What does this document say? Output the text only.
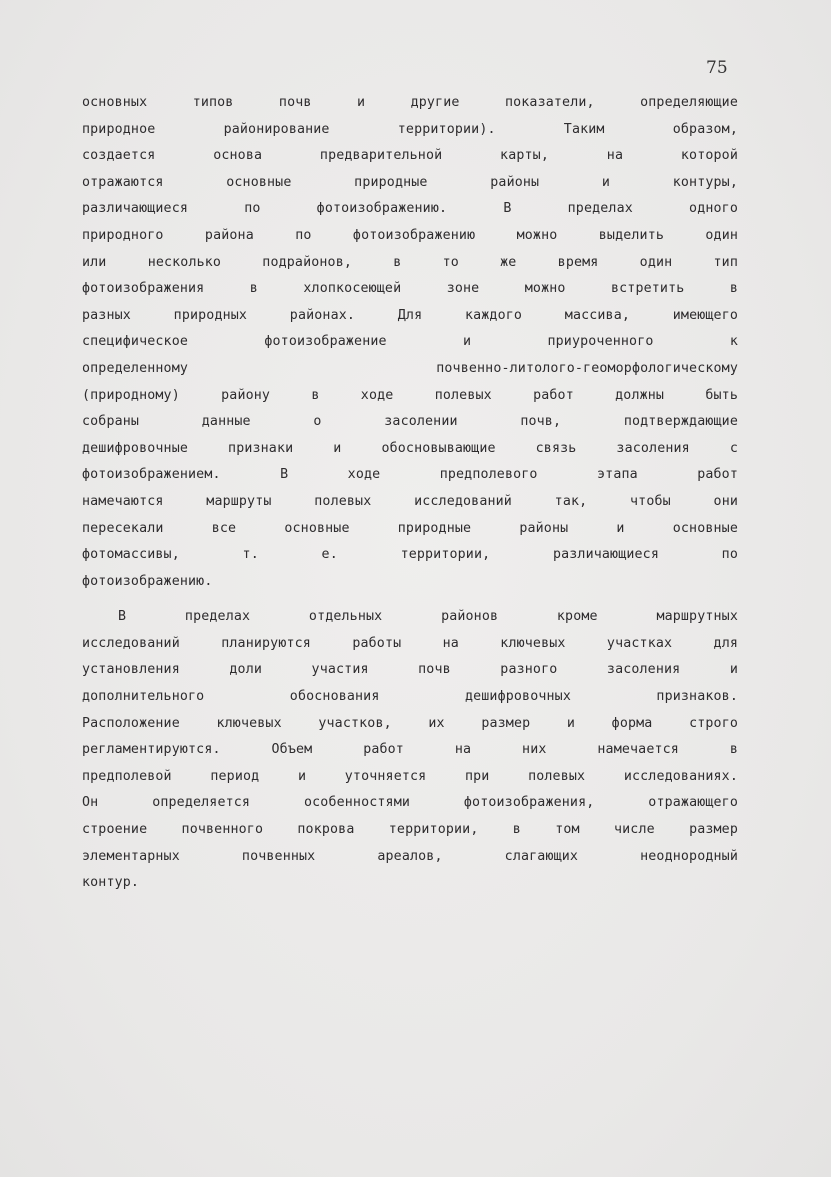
75
основных типов почв и другие показатели, определяющие
природное районирование территории). Таким образом,
создается основа предварительной карты, на которой
отражаются основные природные районы и контуры,
различающиеся по фотоизображению. В пределах одного
природного района по фотоизображению можно выделить один
или несколько подрайонов, в то же время один тип
фотоизображения в хлопкосеющей зоне можно встретить в
разных природных районах. Для каждого массива, имеющего
специфическое фотоизображение и приуроченного к
определенному почвенно-литолого-геоморфологическому
(природному) району в ходе полевых работ должны быть
собраны данные о засолении почв, подтверждающие
дешифровочные признаки и обосновывающие связь засоления с
фотоизображением. В ходе предполевого этапа работ
намечаются маршруты полевых исследований так, чтобы они
пересекали все основные природные районы и основные
фотомассивы, т. е. территории, различающиеся по
фотоизображению.
В пределах отдельных районов кроме маршрутных
исследований планируются работы на ключевых участках для
установления доли участия почв разного засоления и
дополнительного обоснования дешифровочных признаков.
Расположение ключевых участков, их размер и форма строго
регламентируются. Объем работ на них намечается в
предполевой период и уточняется при полевых исследованиях.
Он определяется особенностями фотоизображения, отражающего
строение почвенного покрова территории, в том числе размер
элементарных почвенных ареалов, слагающих неоднородный
контур.
